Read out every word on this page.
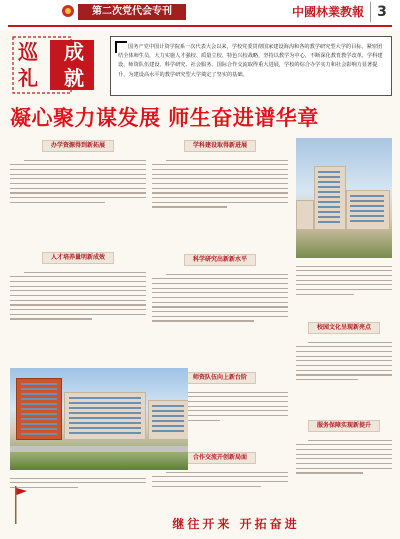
第二次党代会专刊	中國林業教報 3
巡 成
礼 就
国务产党中国计资学院系一次代表大会以来，学校党委贯彻国家建设海沟和各的教学研究型大学的目标，紧密团结全体师生员，大力实施人才强校、质量立校、特色兴校战略，坚持以教学为中心，不断深化教育教学改革，学科建设、师资队伍建设、科学研究、社会服务、国际合作交流取得重大进展，学校的综合办学实力和社会影响力显著提升，为建设高水平的教学研究型大学奠定了坚实的基础。
凝心聚力谋发展 师生奋进谱华章
办学资源得到新拓展
人才培养量明新成效
学科建设取得新进展
科学研究出新新水平
师资队伍向上新台阶
合作交流开创新局面
校园文化呈现新亮点
服务保障实现新提升
继往开来 开拓奋进
